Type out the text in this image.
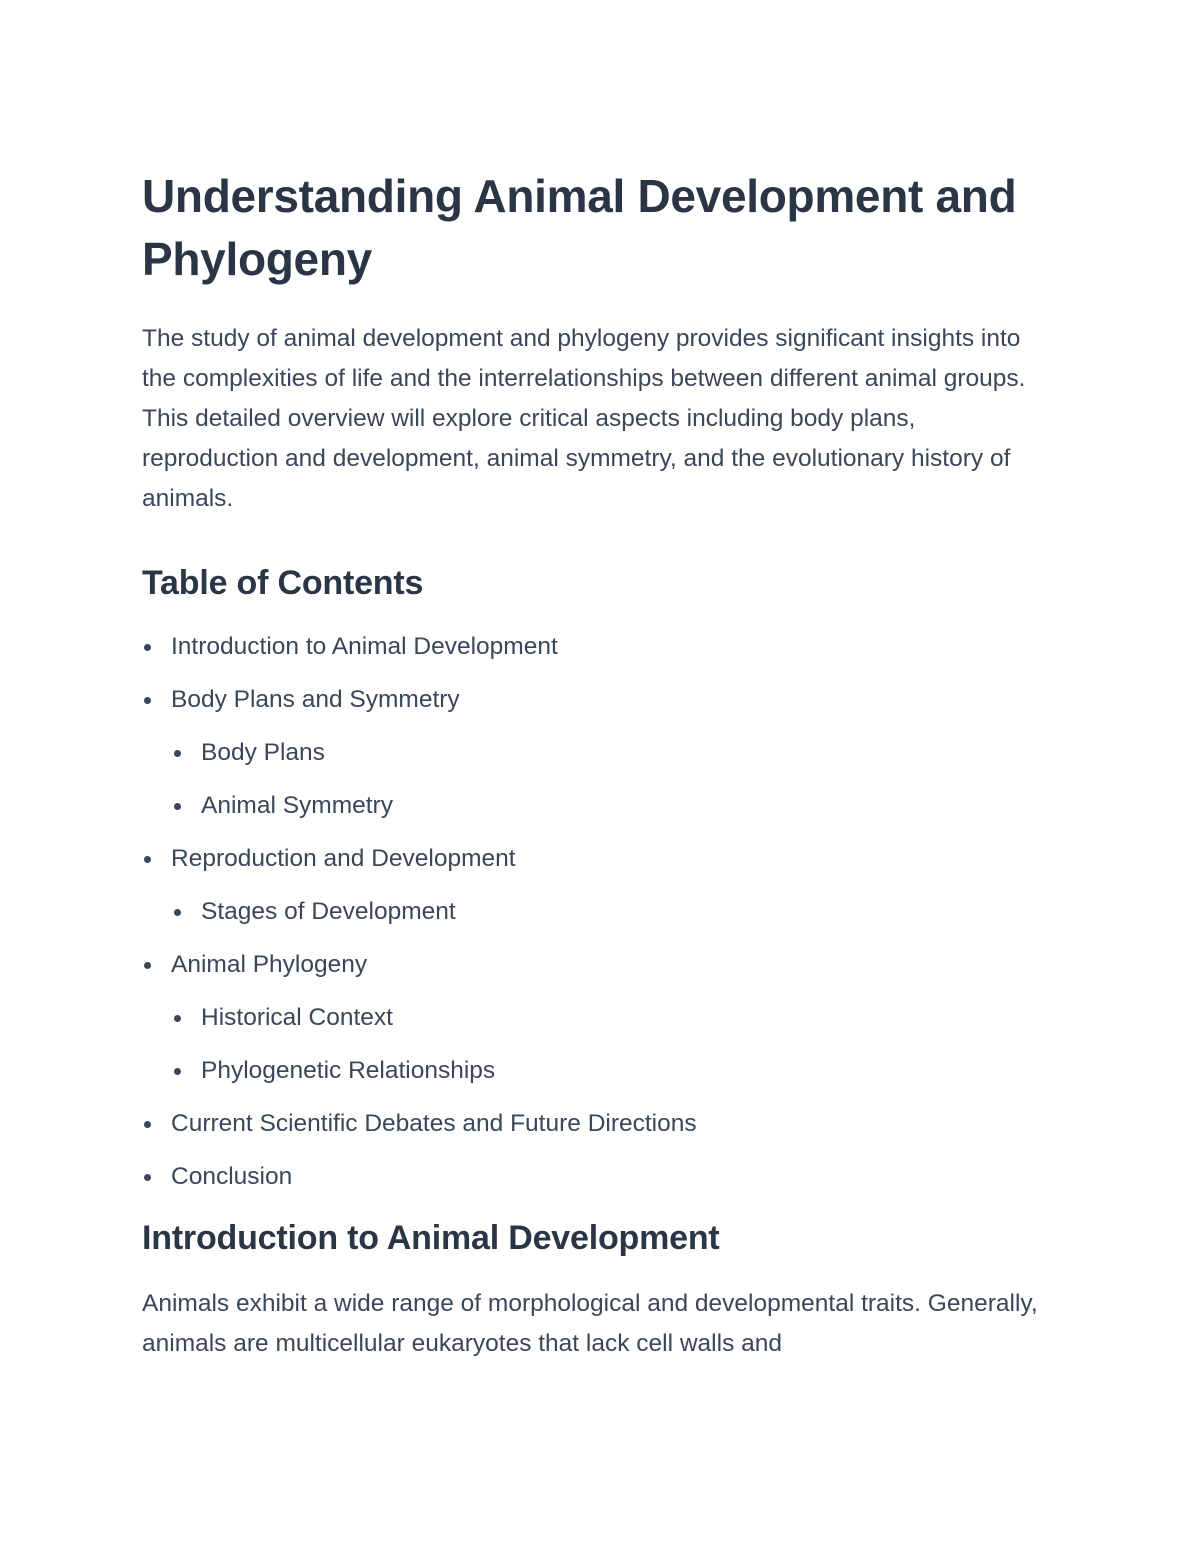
Understanding Animal Development and Phylogeny

The study of animal development and phylogeny provides significant insights into the complexities of life and the interrelationships between different animal groups. This detailed overview will explore critical aspects including body plans, reproduction and development, animal symmetry, and the evolutionary history of animals.

Table of Contents
Introduction to Animal Development
Body Plans and Symmetry
Body Plans
Animal Symmetry
Reproduction and Development
Stages of Development
Animal Phylogeny
Historical Context
Phylogenetic Relationships
Current Scientific Debates and Future Directions
Conclusion
Introduction to Animal Development

Animals exhibit a wide range of morphological and developmental traits. Generally, animals are multicellular eukaryotes that lack cell walls and
